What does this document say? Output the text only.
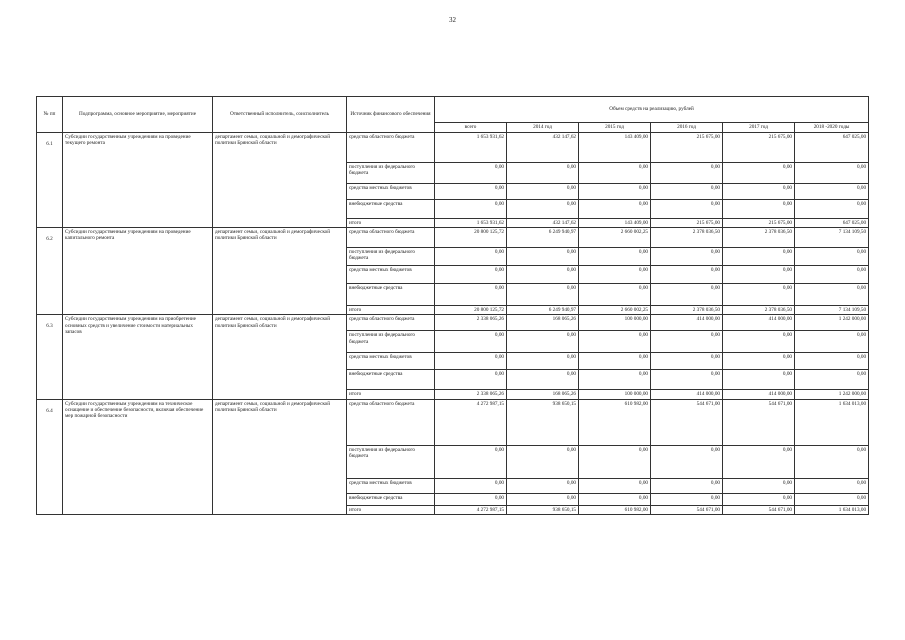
32
№ пп	Подпрограмма, основное мероприятие, мероприятие	Ответственный исполнитель, соисполнитель	Источник финансового обеспечения	Объем средств на реализацию, рублей					
				всего	2014 год	2015 год	2016 год	2017 год	2018 -2020 годы
6.1	Субсидии государственным учреждениям на проведение текущего ремонта	департамент семьи, социальной и демографической политики Брянской области	средства областного бюджета	1 653 931,62	432 147,62	143 409,00	215 675,00	215 675,00	647 025,00
			поступления из федерального бюджета	0,00	0,00	0,00	0,00	0,00	0,00
			средства местных бюджетов	0,00	0,00	0,00	0,00	0,00	0,00
			внебюджетные средства	0,00	0,00	0,00	0,00	0,00	0,00
			итого	1 653 931,62	432 147,62	143 409,00	215 675,00	215 675,00	647 025,00
6.2	Субсидии государственным учреждениям на проведение капитального ремонта	департамент семьи, социальной и демографической политики Брянской области	средства областного бюджета	20 800 125,72	6 249 940,97	2 660 002,25	2 378 036,50	2 378 036,50	7 134 109,50
			поступления из федерального бюджета	0,00	0,00	0,00	0,00	0,00	0,00
			средства местных бюджетов	0,00	0,00	0,00	0,00	0,00	0,00
			внебюджетные средства	0,00	0,00	0,00	0,00	0,00	0,00
			итого	20 800 125,72	6 249 940,97	2 660 002,25	2 378 036,50	2 378 036,50	7 134 109,50
6.3	Субсидии государственным учреждениям на приобретение основных средств и увеличение стоимости материальных запасов	департамент семьи, социальной и демографической политики Брянской области	средства областного бюджета	2 338 065,26	168 065,26	100 000,00	414 000,00	414 000,00	1 242 000,00
			поступления из федерального бюджета	0,00	0,00	0,00	0,00	0,00	0,00
			средства местных бюджетов	0,00	0,00	0,00	0,00	0,00	0,00
			внебюджетные средства	0,00	0,00	0,00	0,00	0,00	0,00
			итого	2 338 065,26	168 065,26	100 000,00	414 000,00	414 000,00	1 242 000,00
6.4	Субсидии государственным учреждениям на техническое оснащение и обеспечение безопасности, включая обеспечение мер пожарной безопасности	департамент семьи, социальной и демографической политики Брянской области	средства областного бюджета	4 272 987,15	938 650,15	610 982,00	544 671,00	544 671,00	1 634 013,00
			поступления из федерального бюджета	0,00	0,00	0,00	0,00	0,00	0,00
			средства местных бюджетов	0,00	0,00	0,00	0,00	0,00	0,00
			внебюджетные средства	0,00	0,00	0,00	0,00	0,00	0,00
			итого	4 272 987,15	938 650,15	610 982,00	544 671,00	544 671,00	1 634 013,00
